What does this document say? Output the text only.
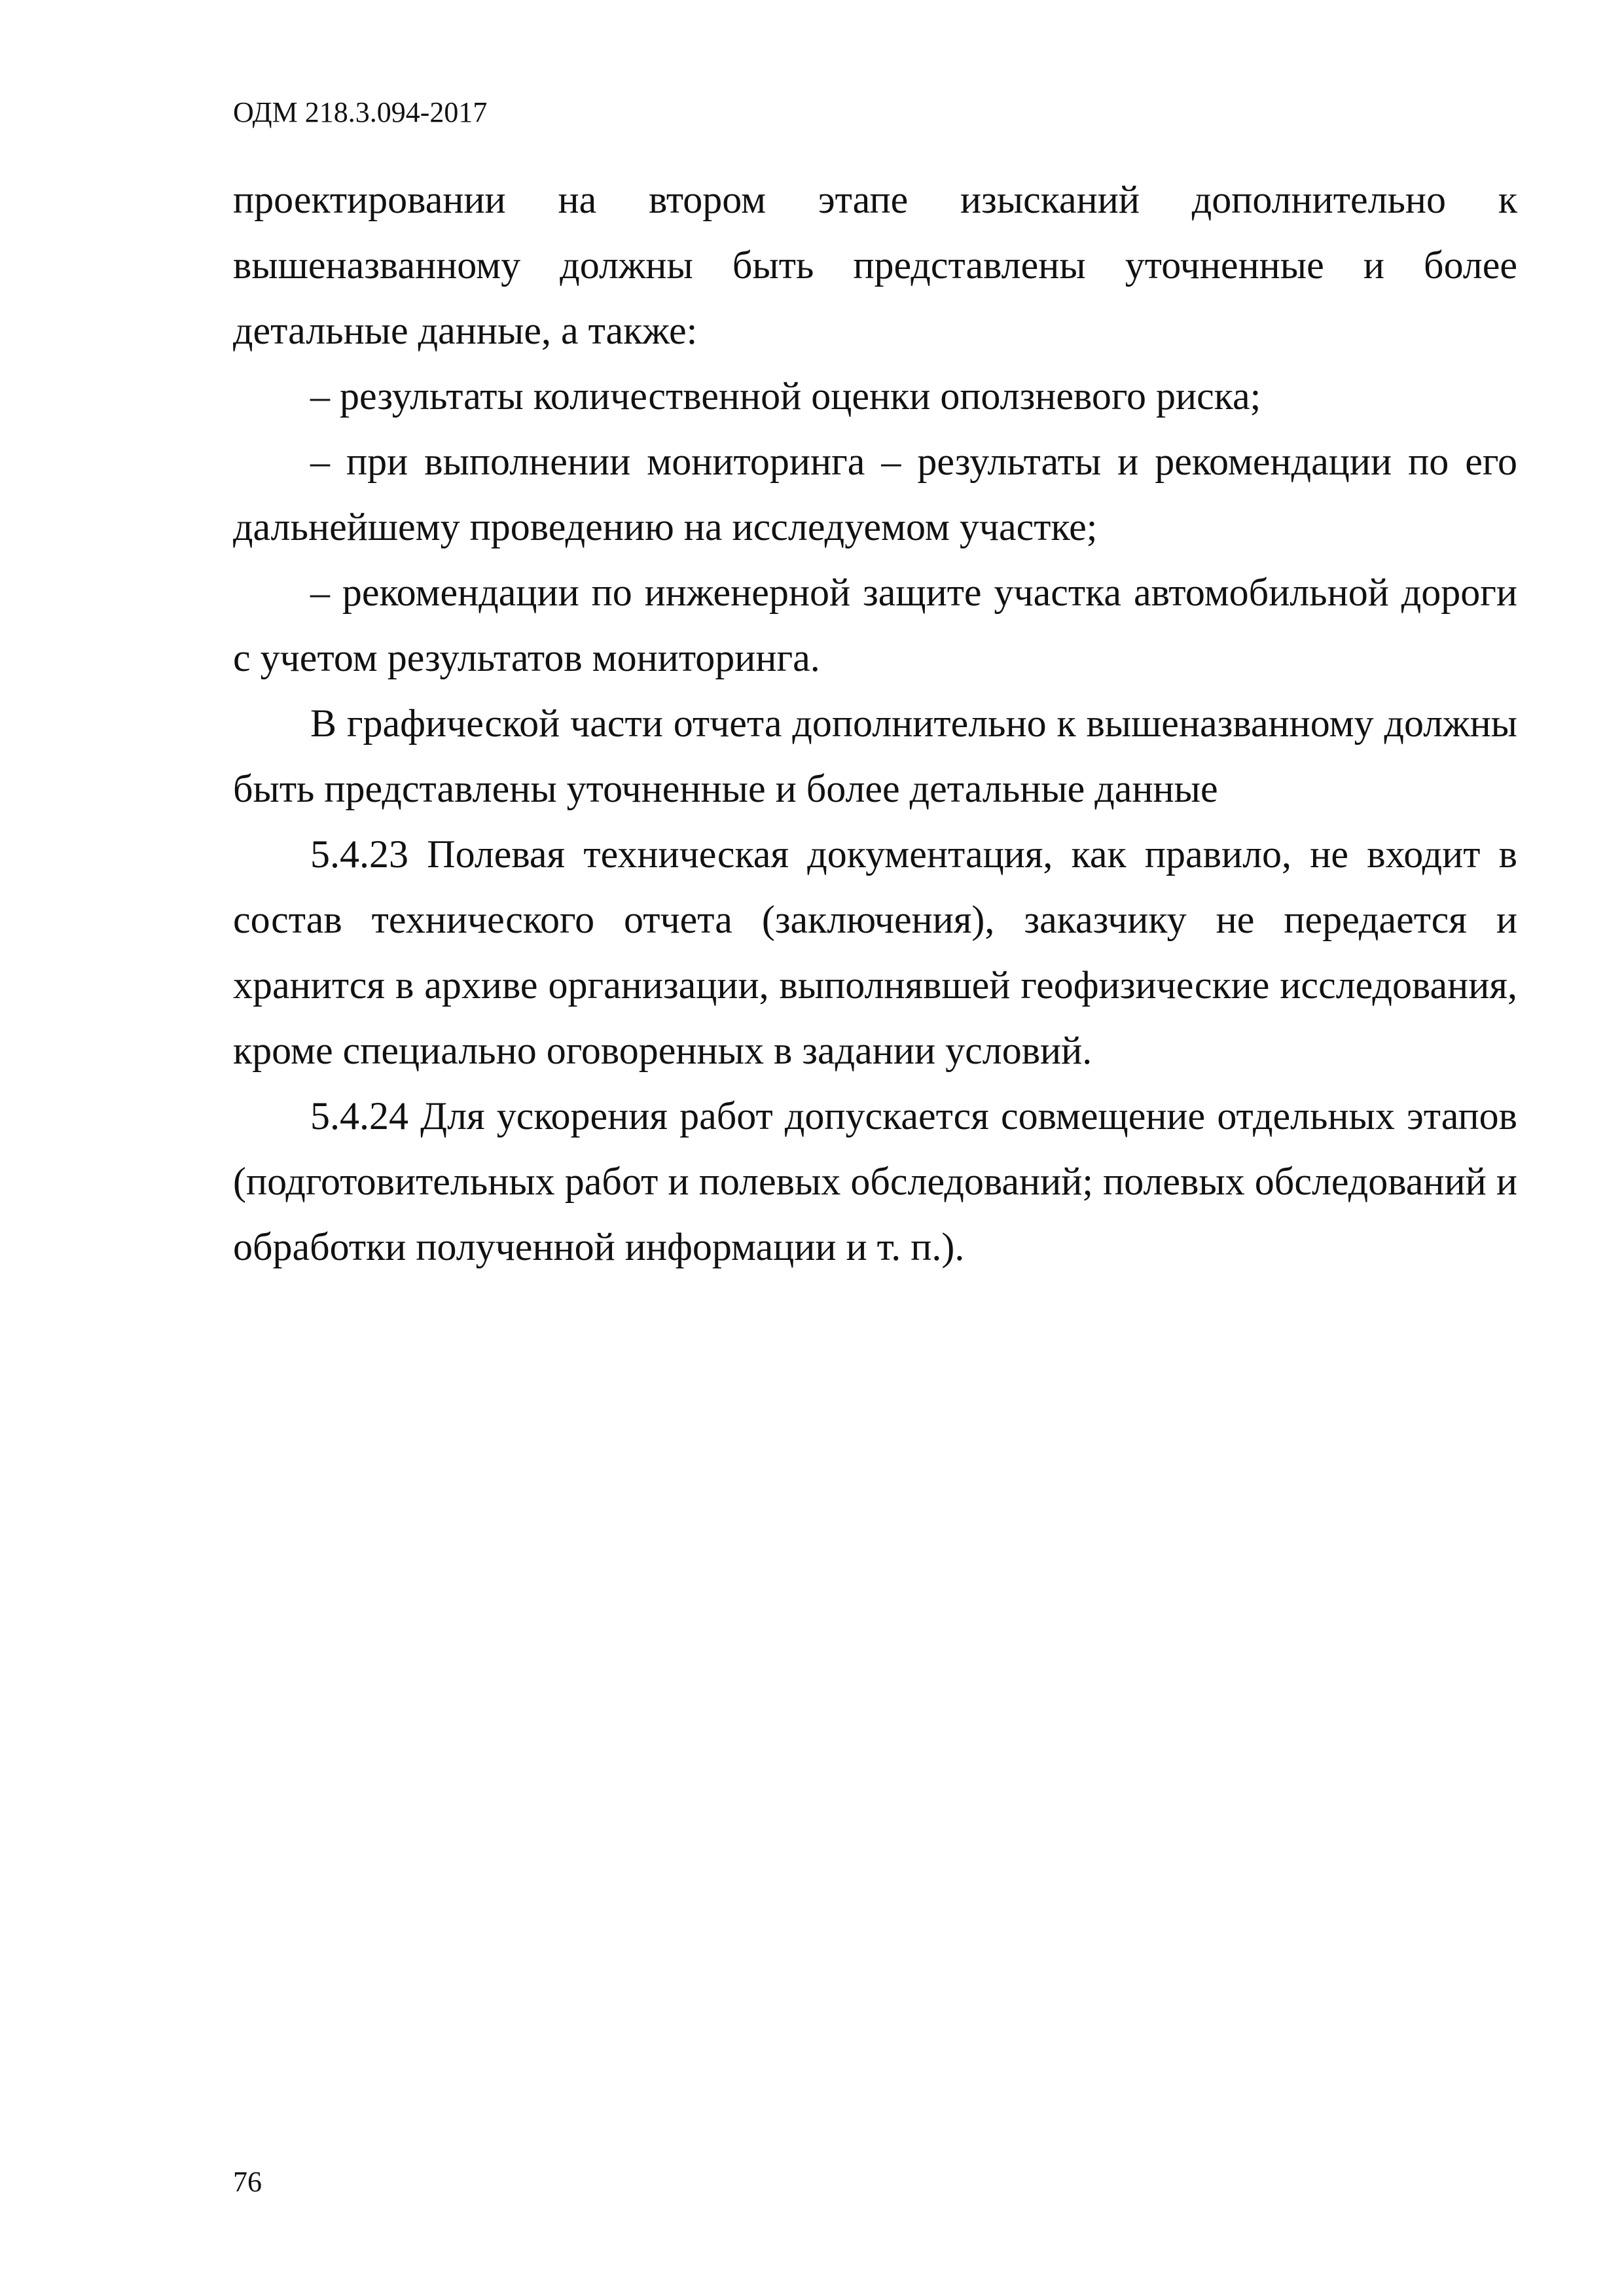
ОДМ 218.3.094-2017

проектировании на втором этапе изысканий дополнительно к вышеназванному должны быть представлены уточненные и более детальные данные, а также:

– результаты количественной оценки оползневого риска;

– при выполнении мониторинга – результаты и рекомендации по его дальнейшему проведению на исследуемом участке;

– рекомендации по инженерной защите участка автомобильной дороги с учетом результатов мониторинга.

В графической части отчета дополнительно к вышеназванному должны быть представлены уточненные и более детальные данные

5.4.23 Полевая техническая документация, как правило, не входит в состав технического отчета (заключения), заказчику не передается и хранится в архиве организации, выполнявшей геофизические исследования, кроме специально оговоренных в задании условий.

5.4.24 Для ускорения работ допускается совмещение отдельных этапов (подготовительных работ и полевых обследований; полевых обследований и обработки полученной информации и т. п.).

76
